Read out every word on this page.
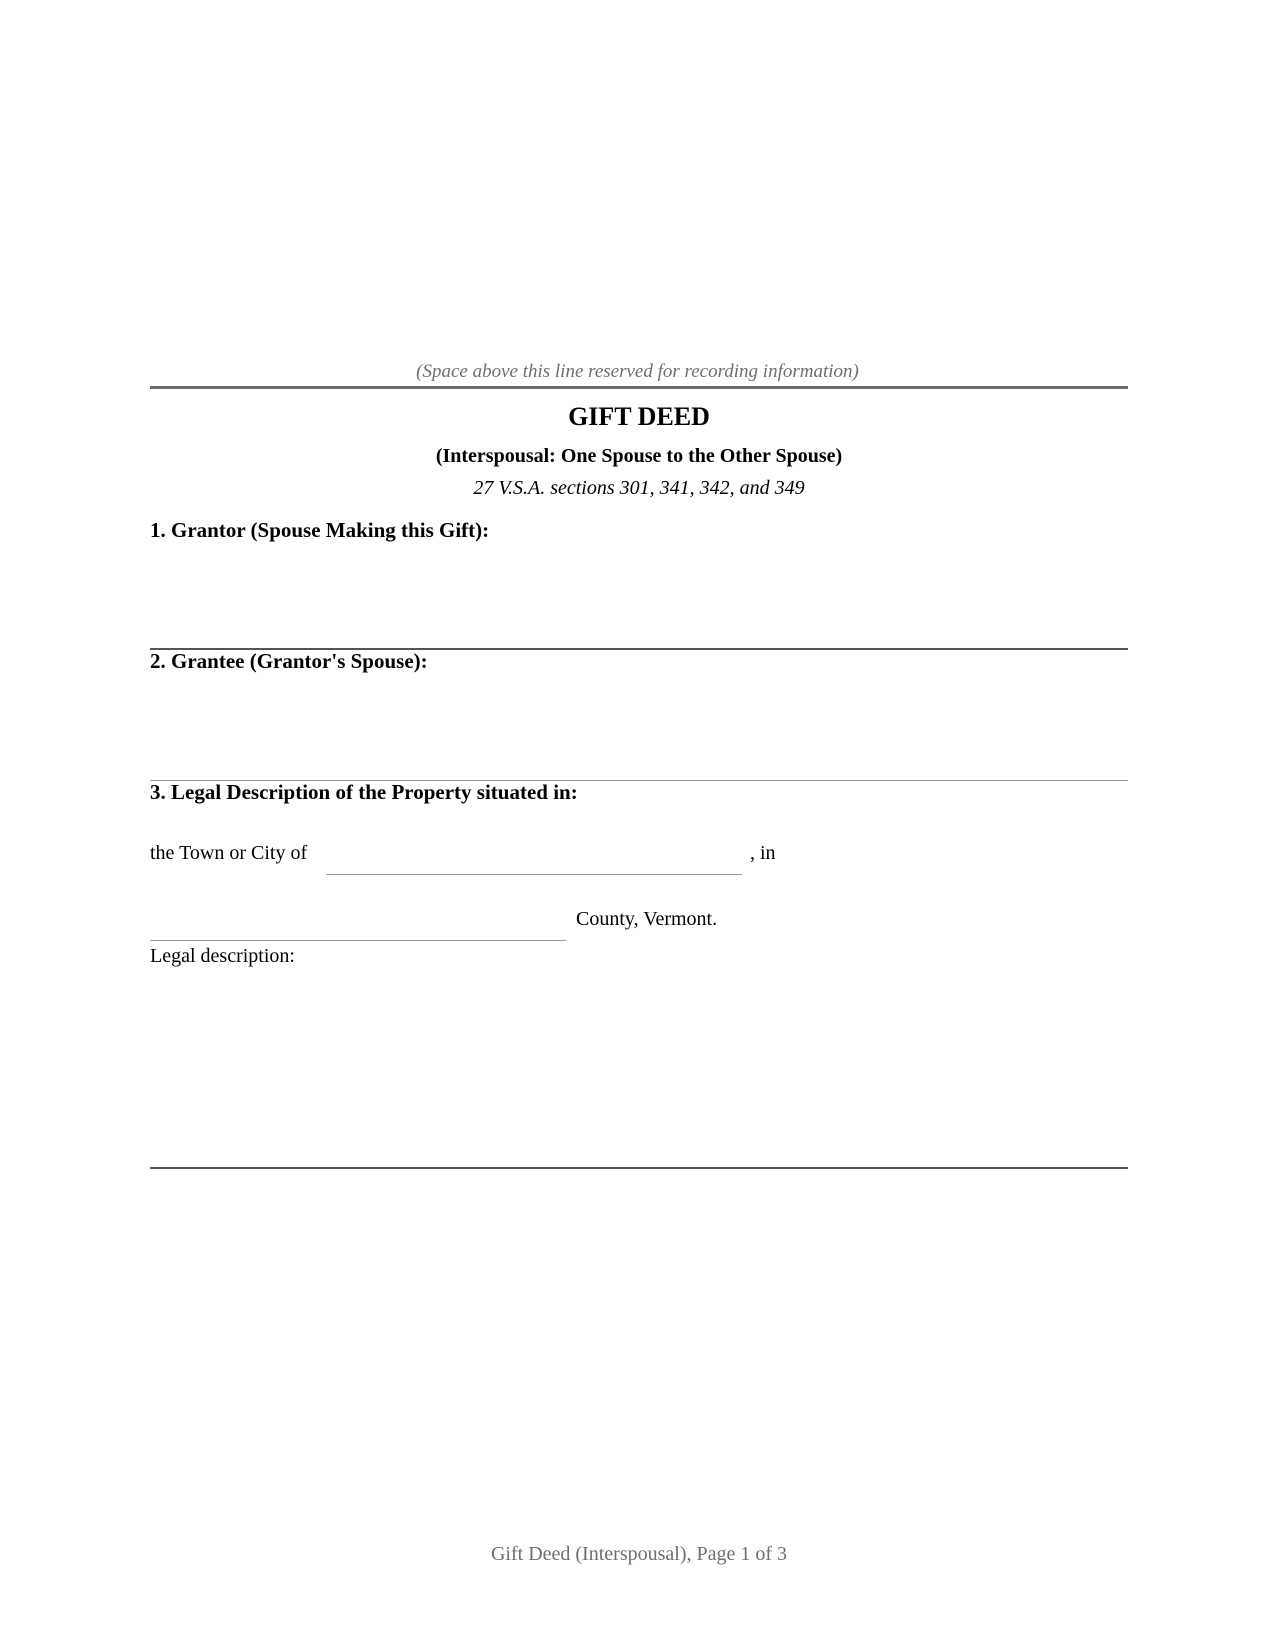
(Space above this line reserved for recording information)
GIFT DEED
(Interspousal: One Spouse to the Other Spouse)
27 V.S.A. sections 301, 341, 342, and 349
1. Grantor (Spouse Making this Gift):
2. Grantee (Grantor's Spouse):
3. Legal Description of the Property situated in:
the Town or City of	, in
County, Vermont.
Legal description:
Gift Deed (Interspousal), Page 1 of 3
